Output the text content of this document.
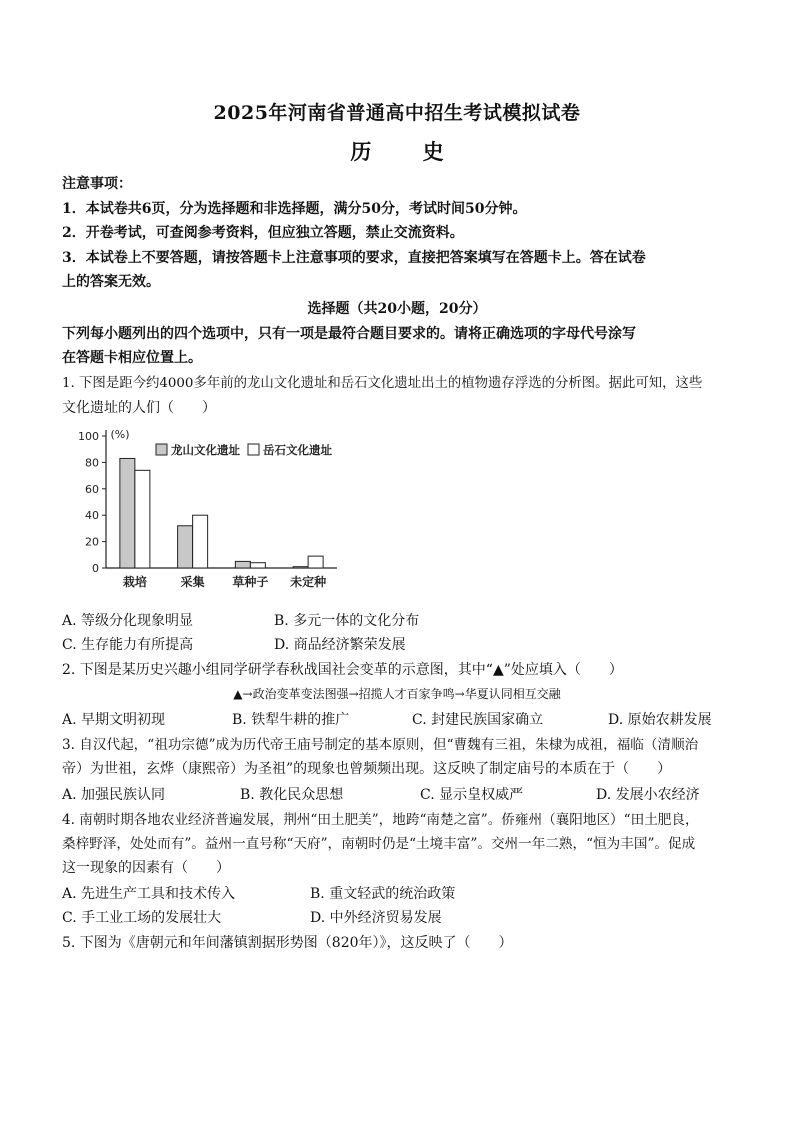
2025年河南省普通高中招生考试模拟试卷
历 史
注意事项：
1．本试卷共6页，分为选择题和非选择题，满分50分，考试时间50分钟。
2．开卷考试，可查阅参考资料，但应独立答题，禁止交流资料。
3．本试卷上不要答题，请按答题卡上注意事项的要求，直接把答案填写在答题卡上。答在试卷
上的答案无效。
选择题（共20小题，20分）
下列每小题列出的四个选项中，只有一项是最符合题目要求的。请将正确选项的字母代号涂写
在答题卡相应位置上。
1. 下图是距今约4000多年前的龙山文化遗址和岳石文化遗址出土的植物遗存浮选的分析图。据此可知，这些
文化遗址的人们（　　）
0
20
40
60
80
100 (%)
栽培	采集 草种子 未定种
龙山文化遗址 岳石文化遗址
A. 等级分化现象明显	B. 多元一体的文化分布
C. 生存能力有所提高	D. 商品经济繁荣发展
2. 下图是某历史兴趣小组同学研学春秋战国社会变革的示意图，其中“▲”处应填入（　　）
▲→政治变革变法图强→招揽人才百家争鸣→华夏认同相互交融
A. 早期文明初现	B. 铁犁牛耕的推广	C. 封建民族国家确立	D. 原始农耕发展
3. 自汉代起，“祖功宗德”成为历代帝王庙号制定的基本原则，但“曹魏有三祖，朱棣为成祖，福临（清顺治
帝）为世祖，玄烨（康熙帝）为圣祖”的现象也曾频频出现。这反映了制定庙号的本质在于（　　）
A. 加强民族认同	B. 教化民众思想	C. 显示皇权威严	D. 发展小农经济
4. 南朝时期各地农业经济普遍发展，荆州“田土肥美”，地跨“南楚之富”。侨雍州（襄阳地区）“田土肥良，
桑梓野泽，处处而有”。益州一直号称“天府”，南朝时仍是“土境丰富”。交州一年二熟，“恒为丰国”。促成
这一现象的因素有（　　）
A. 先进生产工具和技术传入	B. 重文轻武的统治政策
C. 手工业工场的发展壮大	D. 中外经济贸易发展
5. 下图为《唐朝元和年间藩镇割据形势图（820年）》，这反映了（　　）
